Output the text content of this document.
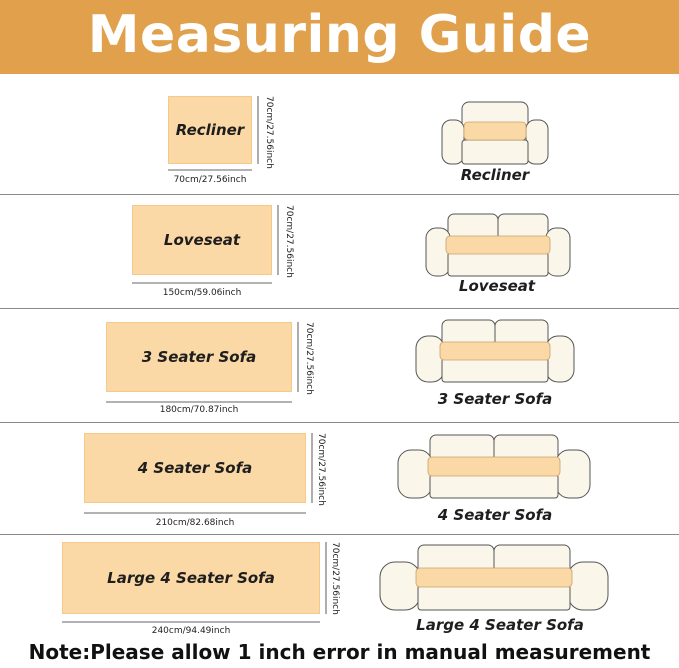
Measuring Guide
Recliner
70cm/27.56inch
70cm/27.56inch
Recliner
Loveseat
150cm/59.06inch
70cm/27.56inch
Loveseat
3 Seater Sofa
180cm/70.87inch
70cm/27.56inch
3 Seater Sofa
4 Seater Sofa
210cm/82.68inch
70cm/27.56inch
4 Seater Sofa
Large 4 Seater Sofa
240cm/94.49inch
70cm/27.56inch
Large 4 Seater Sofa
Note:Please allow 1 inch error in manual measurement
